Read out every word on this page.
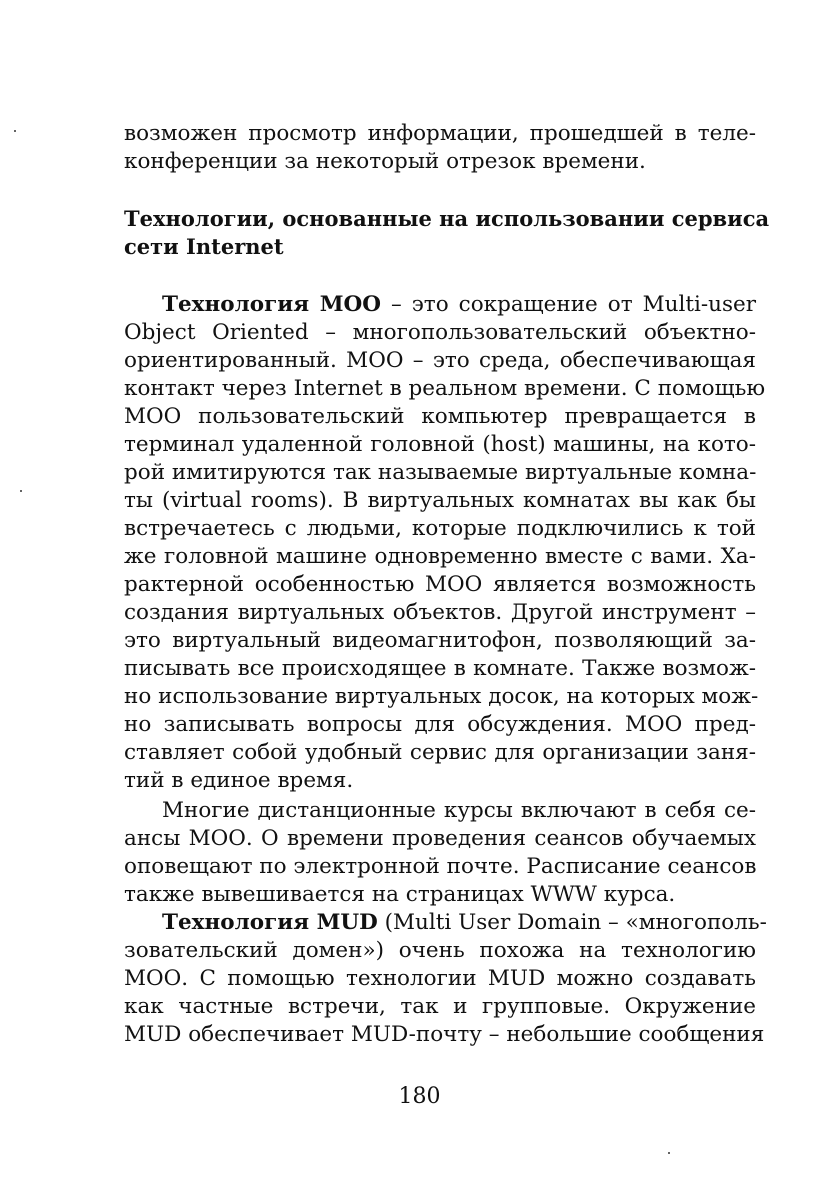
возможен просмотр информации, прошедшей в теле-
конференции за некоторый отрезок времени.
Технологии, основанные на использовании сервиса
сети Internet
Технология МОО – это сокращение от Multi-user
Object Oriented – многопользовательский объектно-
ориентированный. МОО – это среда, обеспечивающая
контакт через Internet в реальном времени. С помощью
МОО пользовательский компьютер превращается в
терминал удаленной головной (host) машины, на кото-
рой имитируются так называемые виртуальные комна-
ты (virtual rooms). В виртуальных комнатах вы как бы
встречаетесь с людьми, которые подключились к той
же головной машине одновременно вместе с вами. Ха-
рактерной особенностью МОО является возможность
создания виртуальных объектов. Другой инструмент –
это виртуальный видеомагнитофон, позволяющий за-
писывать все происходящее в комнате. Также возмож-
но использование виртуальных досок, на которых мож-
но записывать вопросы для обсуждения. МОО пред-
ставляет собой удобный сервис для организации заня-
тий в единое время.
Многие дистанционные курсы включают в себя се-
ансы МОО. О времени проведения сеансов обучаемых
оповещают по электронной почте. Расписание сеансов
также вывешивается на страницах WWW курса.
Технология MUD (Multi User Domain – «многополь-
зовательский домен») очень похожа на технологию
МОО. С помощью технологии MUD можно создавать
как частные встречи, так и групповые. Окружение
MUD обеспечивает MUD-почту – небольшие сообщения
180
